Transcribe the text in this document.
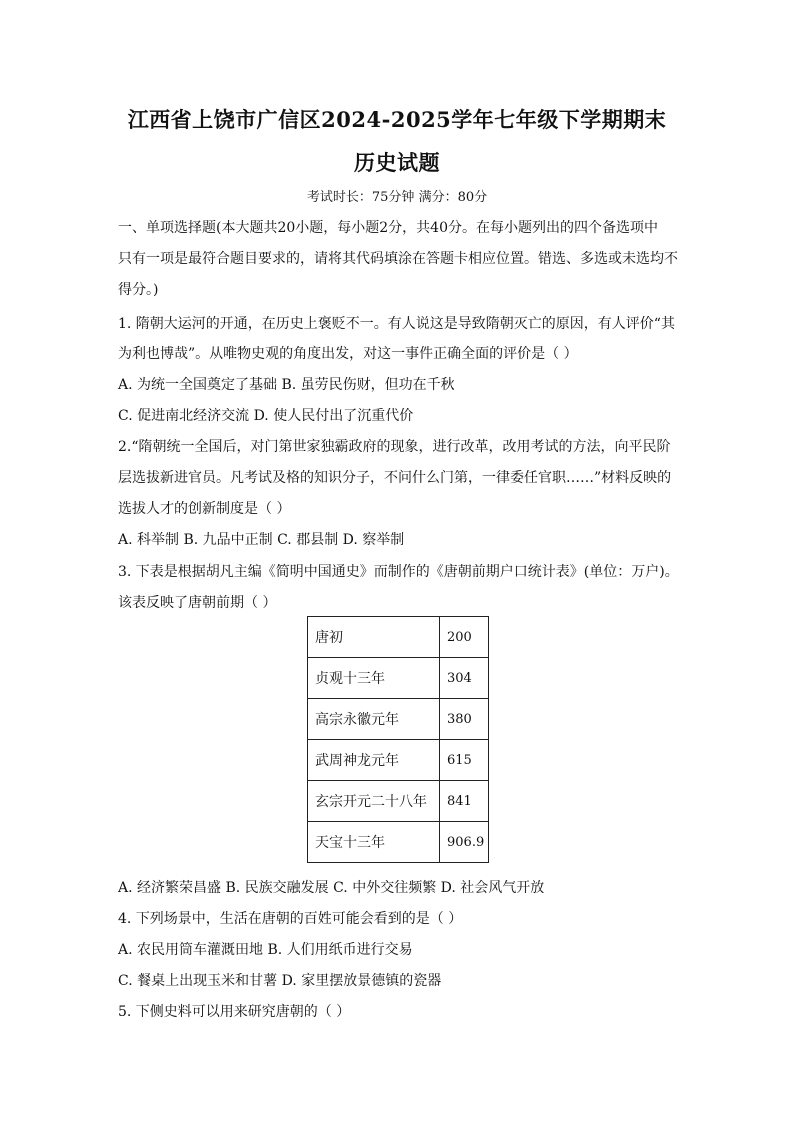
江西省上饶市广信区2024-2025学年七年级下学期期末
历史试题
考试时长：75分钟 满分：80分
一、单项选择题(本大题共20小题，每小题2分，共40分。在每小题列出的四个备选项中
只有一项是最符合题目要求的，请将其代码填涂在答题卡相应位置。错选、多选或未选均不
得分。)
1. 隋朝大运河的开通，在历史上褒贬不一。有人说这是导致隋朝灭亡的原因，有人评价“其
为利也博哉”。从唯物史观的角度出发，对这一事件正确全面的评价是（ ）
A. 为统一全国奠定了基础 B. 虽劳民伤财，但功在千秋
C. 促进南北经济交流 D. 使人民付出了沉重代价
2.“隋朝统一全国后，对门第世家独霸政府的现象，进行改革，改用考试的方法，向平民阶
层选拔新进官员。凡考试及格的知识分子，不问什么门第，一律委任官职……”材料反映的
选拔人才的创新制度是（ ）
A. 科举制 B. 九品中正制 C. 郡县制 D. 察举制
3. 下表是根据胡凡主编《简明中国通史》而制作的《唐朝前期户口统计表》(单位：万户)。
该表反映了唐朝前期（ ）
唐初	200
贞观十三年	304
高宗永徽元年	380
武周神龙元年	615
玄宗开元二十八年	841
天宝十三年	906.9
A. 经济繁荣昌盛 B. 民族交融发展 C. 中外交往频繁 D. 社会风气开放
4. 下列场景中，生活在唐朝的百姓可能会看到的是（ ）
A. 农民用筒车灌溉田地 B. 人们用纸币进行交易
C. 餐桌上出现玉米和甘薯 D. 家里摆放景德镇的瓷器
5. 下侧史料可以用来研究唐朝的（ ）
